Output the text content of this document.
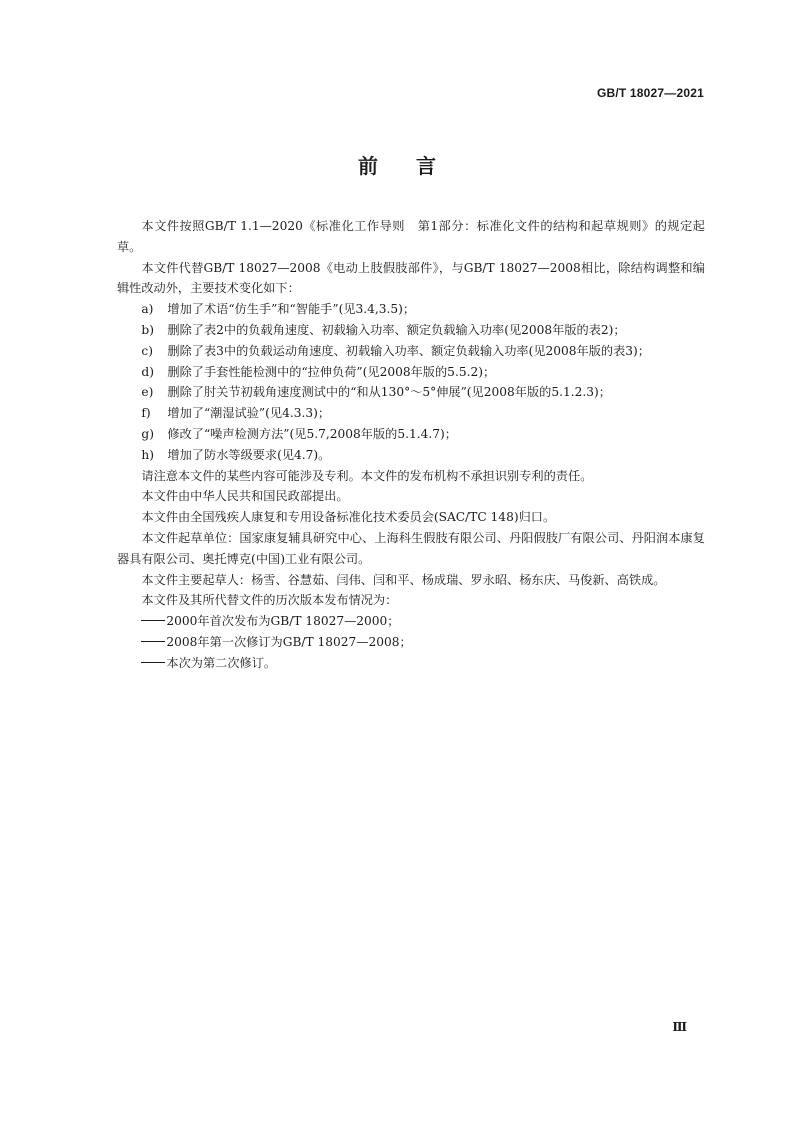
GB/T 18027—2021
前言

本文件按照GB/T 1.1—2020《标准化工作导则　第1部分：标准化文件的结构和起草规则》的规定起草。

本文件代替GB/T 18027—2008《电动上肢假肢部件》，与GB/T 18027—2008相比，除结构调整和编辑性改动外，主要技术变化如下：

a)	增加了术语“仿生手”和“智能手”(见3.4,3.5)；

b)	删除了表2中的负载角速度、初载输入功率、额定负载输入功率(见2008年版的表2)；

c)	删除了表3中的负载运动角速度、初载输入功率、额定负载输入功率(见2008年版的表3)；

d)	删除了手套性能检测中的“拉伸负荷”(见2008年版的5.5.2)；

e)	删除了肘关节初载角速度测试中的“和从130°～5°伸展”(见2008年版的5.1.2.3)；

f)	增加了“潮湿试验”(见4.3.3)；

g)	修改了“噪声检测方法”(见5.7,2008年版的5.1.4.7)；

h)	增加了防水等级要求(见4.7)。

请注意本文件的某些内容可能涉及专利。本文件的发布机构不承担识别专利的责任。

本文件由中华人民共和国民政部提出。

本文件由全国残疾人康复和专用设备标准化技术委员会(SAC/TC 148)归口。

本文件起草单位：国家康复辅具研究中心、上海科生假肢有限公司、丹阳假肢厂有限公司、丹阳润本康复器具有限公司、奥托博克(中国)工业有限公司。

本文件主要起草人：杨雪、谷慧茹、闫伟、闫和平、杨成瑞、罗永昭、杨东庆、马俊新、高铁成。

本文件及其所代替文件的历次版本发布情况为：

2000年首次发布为GB/T 18027—2000；

2008年第一次修订为GB/T 18027—2008；

本次为第二次修订。

Ⅲ
